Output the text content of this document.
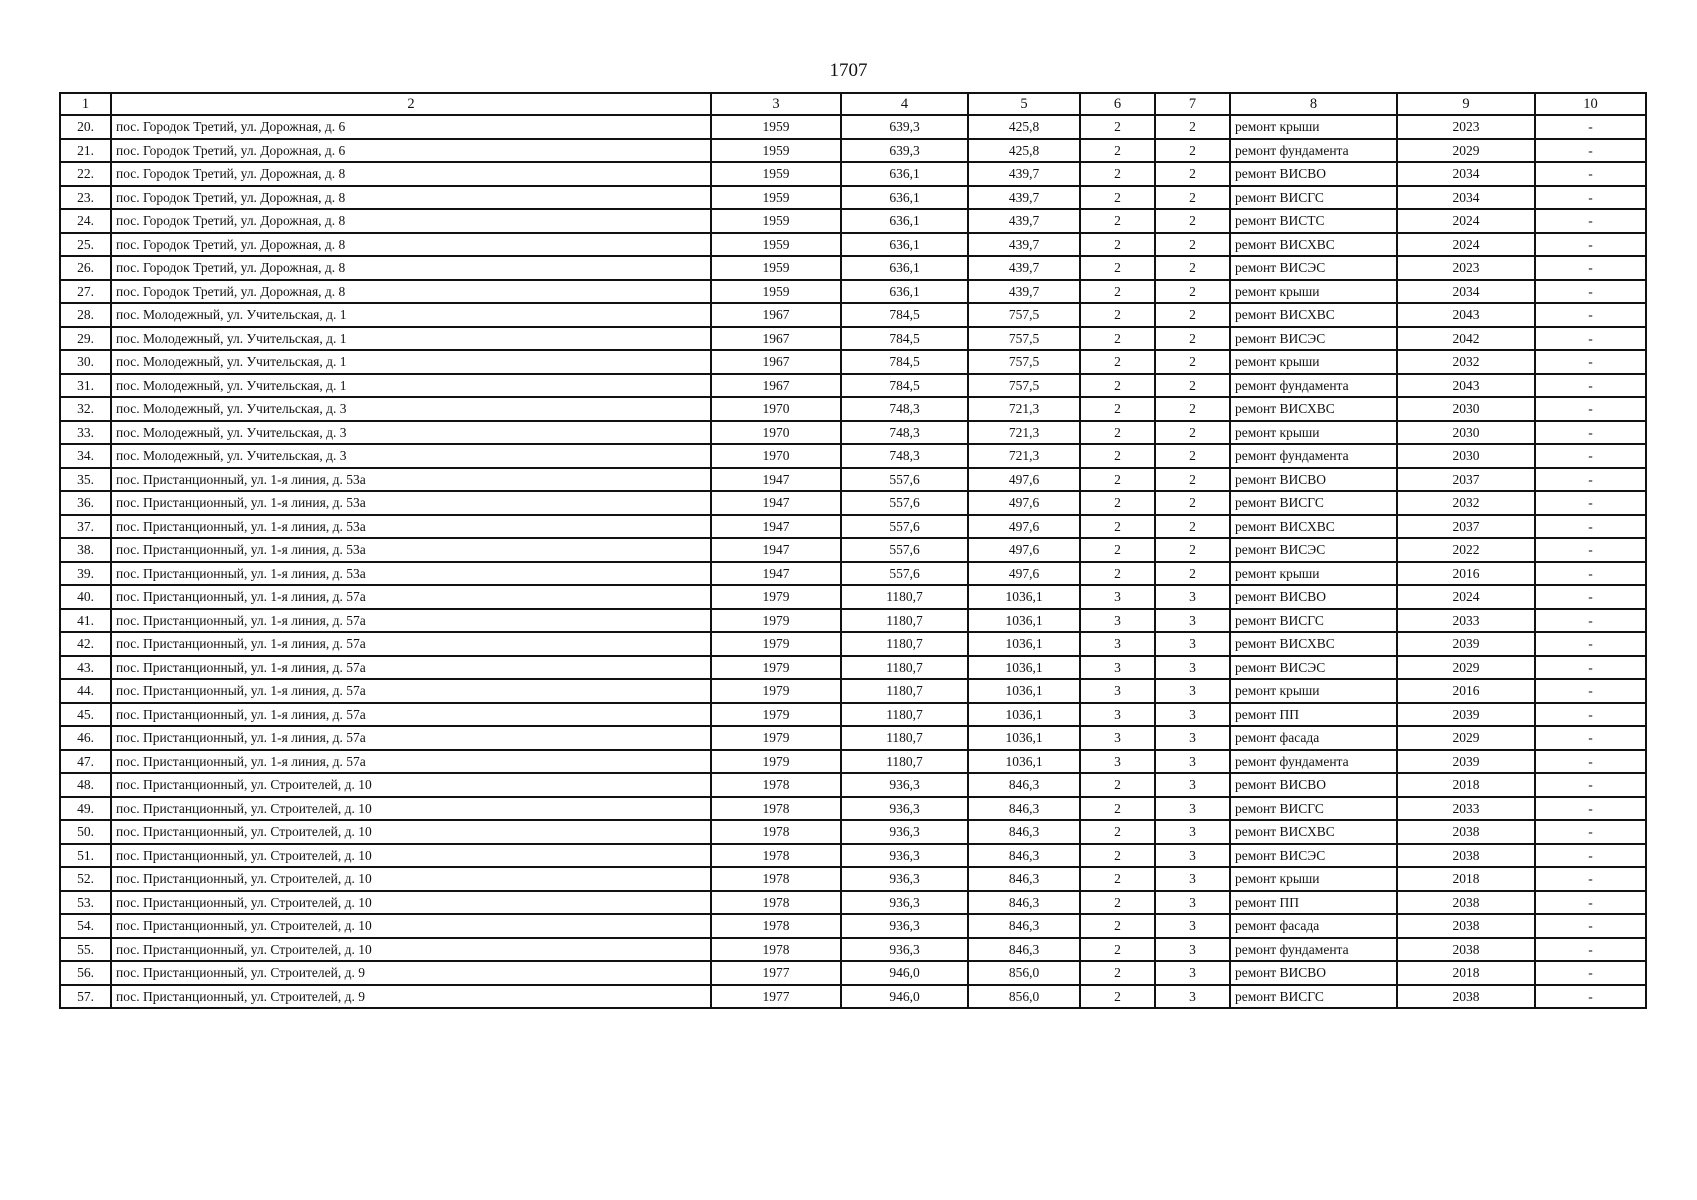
1707
1	2	3	4	5	6	7	8	9	10
20.	пос. Городок Третий, ул. Дорожная, д. 6	1959	639,3	425,8	2	2	ремонт крыши	2023	-
21.	пос. Городок Третий, ул. Дорожная, д. 6	1959	639,3	425,8	2	2	ремонт фундамента	2029	-
22.	пос. Городок Третий, ул. Дорожная, д. 8	1959	636,1	439,7	2	2	ремонт ВИСВО	2034	-
23.	пос. Городок Третий, ул. Дорожная, д. 8	1959	636,1	439,7	2	2	ремонт ВИСГС	2034	-
24.	пос. Городок Третий, ул. Дорожная, д. 8	1959	636,1	439,7	2	2	ремонт ВИСТС	2024	-
25.	пос. Городок Третий, ул. Дорожная, д. 8	1959	636,1	439,7	2	2	ремонт ВИСХВС	2024	-
26.	пос. Городок Третий, ул. Дорожная, д. 8	1959	636,1	439,7	2	2	ремонт ВИСЭС	2023	-
27.	пос. Городок Третий, ул. Дорожная, д. 8	1959	636,1	439,7	2	2	ремонт крыши	2034	-
28.	пос. Молодежный, ул. Учительская, д. 1	1967	784,5	757,5	2	2	ремонт ВИСХВС	2043	-
29.	пос. Молодежный, ул. Учительская, д. 1	1967	784,5	757,5	2	2	ремонт ВИСЭС	2042	-
30.	пос. Молодежный, ул. Учительская, д. 1	1967	784,5	757,5	2	2	ремонт крыши	2032	-
31.	пос. Молодежный, ул. Учительская, д. 1	1967	784,5	757,5	2	2	ремонт фундамента	2043	-
32.	пос. Молодежный, ул. Учительская, д. 3	1970	748,3	721,3	2	2	ремонт ВИСХВС	2030	-
33.	пос. Молодежный, ул. Учительская, д. 3	1970	748,3	721,3	2	2	ремонт крыши	2030	-
34.	пос. Молодежный, ул. Учительская, д. 3	1970	748,3	721,3	2	2	ремонт фундамента	2030	-
35.	пос. Пристанционный, ул. 1-я линия, д. 53а	1947	557,6	497,6	2	2	ремонт ВИСВО	2037	-
36.	пос. Пристанционный, ул. 1-я линия, д. 53а	1947	557,6	497,6	2	2	ремонт ВИСГС	2032	-
37.	пос. Пристанционный, ул. 1-я линия, д. 53а	1947	557,6	497,6	2	2	ремонт ВИСХВС	2037	-
38.	пос. Пристанционный, ул. 1-я линия, д. 53а	1947	557,6	497,6	2	2	ремонт ВИСЭС	2022	-
39.	пос. Пристанционный, ул. 1-я линия, д. 53а	1947	557,6	497,6	2	2	ремонт крыши	2016	-
40.	пос. Пристанционный, ул. 1-я линия, д. 57а	1979	1180,7	1036,1	3	3	ремонт ВИСВО	2024	-
41.	пос. Пристанционный, ул. 1-я линия, д. 57а	1979	1180,7	1036,1	3	3	ремонт ВИСГС	2033	-
42.	пос. Пристанционный, ул. 1-я линия, д. 57а	1979	1180,7	1036,1	3	3	ремонт ВИСХВС	2039	-
43.	пос. Пристанционный, ул. 1-я линия, д. 57а	1979	1180,7	1036,1	3	3	ремонт ВИСЭС	2029	-
44.	пос. Пристанционный, ул. 1-я линия, д. 57а	1979	1180,7	1036,1	3	3	ремонт крыши	2016	-
45.	пос. Пристанционный, ул. 1-я линия, д. 57а	1979	1180,7	1036,1	3	3	ремонт ПП	2039	-
46.	пос. Пристанционный, ул. 1-я линия, д. 57а	1979	1180,7	1036,1	3	3	ремонт фасада	2029	-
47.	пос. Пристанционный, ул. 1-я линия, д. 57а	1979	1180,7	1036,1	3	3	ремонт фундамента	2039	-
48.	пос. Пристанционный, ул. Строителей, д. 10	1978	936,3	846,3	2	3	ремонт ВИСВО	2018	-
49.	пос. Пристанционный, ул. Строителей, д. 10	1978	936,3	846,3	2	3	ремонт ВИСГС	2033	-
50.	пос. Пристанционный, ул. Строителей, д. 10	1978	936,3	846,3	2	3	ремонт ВИСХВС	2038	-
51.	пос. Пристанционный, ул. Строителей, д. 10	1978	936,3	846,3	2	3	ремонт ВИСЭС	2038	-
52.	пос. Пристанционный, ул. Строителей, д. 10	1978	936,3	846,3	2	3	ремонт крыши	2018	-
53.	пос. Пристанционный, ул. Строителей, д. 10	1978	936,3	846,3	2	3	ремонт ПП	2038	-
54.	пос. Пристанционный, ул. Строителей, д. 10	1978	936,3	846,3	2	3	ремонт фасада	2038	-
55.	пос. Пристанционный, ул. Строителей, д. 10	1978	936,3	846,3	2	3	ремонт фундамента	2038	-
56.	пос. Пристанционный, ул. Строителей, д. 9	1977	946,0	856,0	2	3	ремонт ВИСВО	2018	-
57.	пос. Пристанционный, ул. Строителей, д. 9	1977	946,0	856,0	2	3	ремонт ВИСГС	2038	-
